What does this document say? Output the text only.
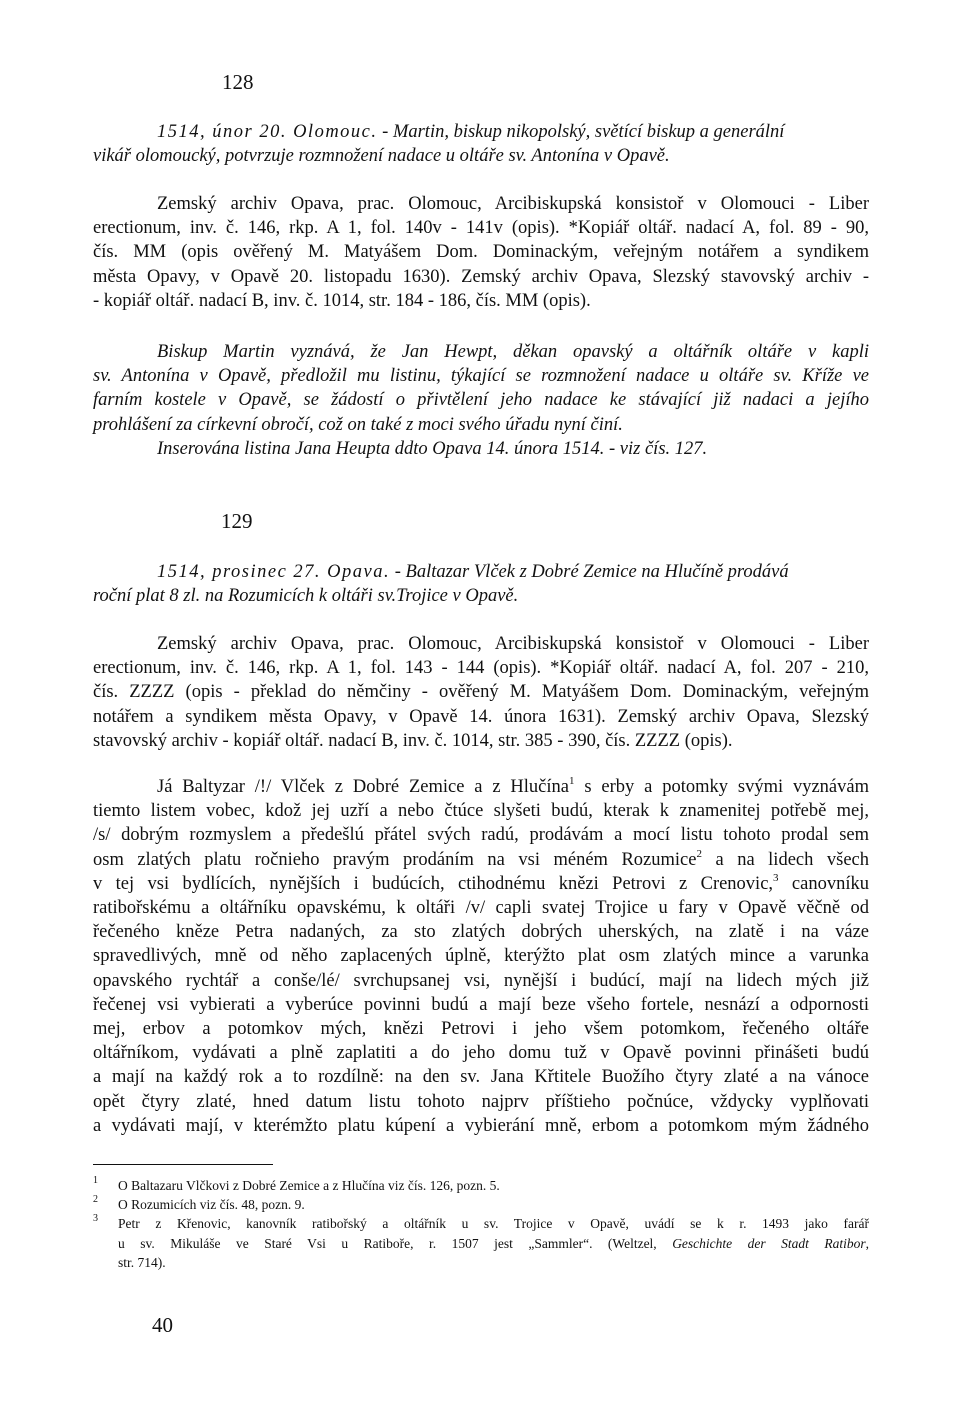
128
1514, únor 20. Olomouc. - Martin, biskup nikopolský, světící biskup a generální
vikář olomoucký, potvrzuje rozmnožení nadace u oltáře sv. Antonína v Opavě.
Zemský archiv Opava, prac. Olomouc, Arcibiskupská konsistoř v Olomouci - Liber
erectionum, inv. č. 146, rkp. A 1, fol. 140v - 141v (opis). *Kopiář oltář. nadací A, fol. 89 - 90,
čís. MM (opis ověřený M. Matyášem Dom. Dominackým, veřejným notářem a syndikem
města Opavy, v Opavě 20. listopadu 1630). Zemský archiv Opava, Slezský stavovský archiv -
- kopiář oltář. nadací B, inv. č. 1014, str. 184 - 186, čís. MM (opis).
Biskup Martin vyznává, že Jan Hewpt, děkan opavský a oltářník oltáře v kapli
sv. Antonína v Opavě, předložil mu listinu, týkající se rozmnožení nadace u oltáře sv. Kříže ve
farním kostele v Opavě, se žádostí o přivtělení jeho nadace ke stávající již nadaci a jejího
prohlášení za církevní obročí, což on také z moci svého úřadu nyní činí.
Inserována listina Jana Heupta ddto Opava 14. února 1514. - viz čís. 127.
129
1514, prosinec 27. Opava. - Baltazar Vlček z Dobré Zemice na Hlučíně prodává
roční plat 8 zl. na Rozumicích k oltáři sv.Trojice v Opavě.
Zemský archiv Opava, prac. Olomouc, Arcibiskupská konsistoř v Olomouci - Liber
erectionum, inv. č. 146, rkp. A 1, fol. 143 - 144 (opis). *Kopiář oltář. nadací A, fol. 207 - 210,
čís. ZZZZ (opis - překlad do němčiny - ověřený M. Matyášem Dom. Dominackým, veřejným
notářem a syndikem města Opavy, v Opavě 14. února 1631). Zemský archiv Opava, Slezský
stavovský archiv - kopiář oltář. nadací B, inv. č. 1014, str. 385 - 390, čís. ZZZZ (opis).
Já Baltyzar /!/ Vlček z Dobré Zemice a z Hlučína$^1$ s erby a potomky svými vyznávám
tiemto listem vobec, kdož jej uzří a nebo čtúce slyšeti budú, kterak k znamenitej potřebě mej,
/s/ dobrým rozmyslem a předešlú přátel svých radú, prodávám a mocí listu tohoto prodal sem
osm zlatých platu ročnieho pravým prodáním na vsi méném Rozumice$^2$ a na lidech všech
v tej vsi bydlících, nynějších i budúcích, ctihodnému knězi Petrovi z Crenovic,$^3$ canovníku
ratibořskému a oltářníku opavskému, k oltáři /v/ capli svatej Trojice u fary v Opavě věčně od
řečeného kněze Petra nadaných, za sto zlatých dobrých uherských, na zlatě i na váze
spravedlivých, mně od něho zaplacených úplně, kterýžto plat osm zlatých mince a varunka
opavského rychtář a conše/lé/ svrchupsanej vsi, nynější i budúcí, mají na lidech mých již
řečenej vsi vybierati a vyberúce povinni budú a mají beze všeho fortele, nesnází a odpornosti
mej, erbov a potomkov mých, knězi Petrovi i jeho všem potomkom, řečeného oltáře
oltářníkom, vydávati a plně zaplatiti a do jeho domu tuž v Opavě povinni přinášeti budú
a mají na každý rok a to rozdílně: na den sv. Jana Křtitele Buožího čtyry zlaté a na vánoce
opět čtyry zlaté, hned datum listu tohoto najprv příštieho počnúce, vždycky vyplňovati
a vydávati mají, v kterémžto platu kúpení a vybierání mně, erbom a potomkom mým žádného
1 O Baltazaru Vlčkovi z Dobré Zemice a z Hlučína viz čís. 126, pozn. 5.
2 O Rozumicích viz čís. 48, pozn. 9.
3 Petr z Křenovic, kanovník ratibořský a oltářník u sv. Trojice v Opavě, uvádí se k r. 1493 jako farář
u sv. Mikuláše ve Staré Vsi u Ratiboře, r. 1507 jest „Sammler“. (Weltzel, Geschichte der Stadt Ratibor,
str. 714).
40
